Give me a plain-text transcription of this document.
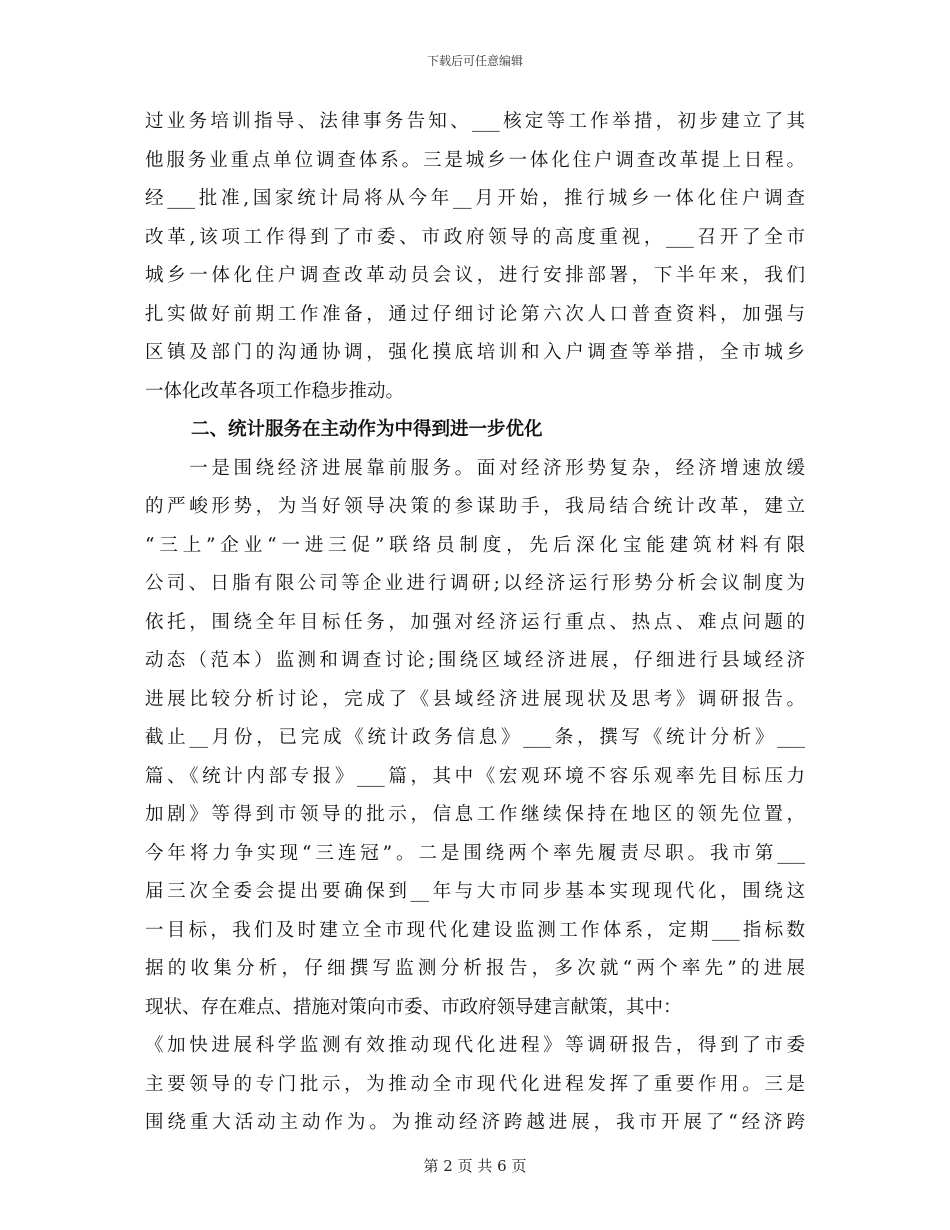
下载后可任意编辑
过业务培训指导、法律事务告知、___核定等工作举措，初步建立了其
他服务业重点单位调查体系。三是城乡一体化住户调查改革提上日程。
经___批准,国家统计局将从今年__月开始，推行城乡一体化住户调查
改革,该项工作得到了市委、市政府领导的高度重视，___召开了全市
城乡一体化住户调查改革动员会议，进行安排部署，下半年来，我们
扎实做好前期工作准备，通过仔细讨论第六次人口普查资料，加强与
区镇及部门的沟通协调，强化摸底培训和入户调查等举措，全市城乡
一体化改革各项工作稳步推动。
二、统计服务在主动作为中得到进一步优化
　　一是围绕经济进展靠前服务。面对经济形势复杂，经济增速放缓
的严峻形势，为当好领导决策的参谋助手，我局结合统计改革，建立
“三上”企业“一进三促”联络员制度，先后深化宝能建筑材料有限
公司、日脂有限公司等企业进行调研;以经济运行形势分析会议制度为
依托，围绕全年目标任务，加强对经济运行重点、热点、难点问题的
动态（范本）监测和调查讨论;围绕区域经济进展，仔细进行县域经济
进展比较分析讨论，完成了《县域经济进展现状及思考》调研报告。
截止__月份，已完成《统计政务信息》___条，撰写《统计分析》___
篇、《统计内部专报》___篇，其中《宏观环境不容乐观率先目标压力
加剧》等得到市领导的批示，信息工作继续保持在地区的领先位置，
今年将力争实现“三连冠”。二是围绕两个率先履责尽职。我市第___
届三次全委会提出要确保到__年与大市同步基本实现现代化，围绕这
一目标，我们及时建立全市现代化建设监测工作体系，定期___指标数
据的收集分析，仔细撰写监测分析报告，多次就“两个率先”的进展
现状、存在难点、措施对策向市委、市政府领导建言献策，其中：
《加快进展科学监测有效推动现代化进程》等调研报告，得到了市委
主要领导的专门批示，为推动全市现代化进程发挥了重要作用。三是
围绕重大活动主动作为。为推动经济跨越进展，我市开展了“经济跨
第 2 页 共 6 页
